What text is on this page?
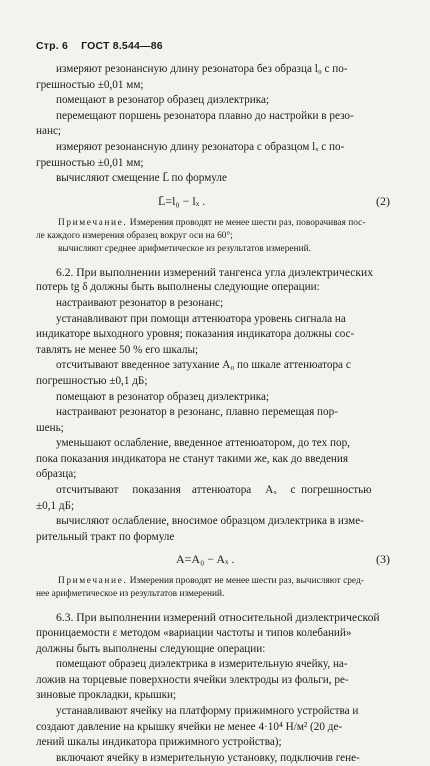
Стр. 6 ГОСТ 8.544—86

измеряют резонансную длину резонатора без образца l₀ с по-

грешностью ±0,01 мм;

помещают в резонатор образец диэлектрика;

перемещают поршень резонатора плавно до настройки в резо-

нанс;

измеряют резонансную длину резонатора с образцом lₓ с по-

грешностью ±0,01 мм;

вычисляют смещение L̄ по формуле

L̄=l₀ − lₓ .	(2)

Примечание. Измерения проводят не менее шести раз, поворачивая пос-

ле каждого измерения образец вокруг оси на 60°;

вычисляют среднее арифметическое из результатов измерений.

6.2. При выполнении измерений тангенса угла диэлектрических

потерь tg δ должны быть выполнены следующие операции:

настраивают резонатор в резонанс;

устанавливают при помощи аттенюатора уровень сигнала на

индикаторе выходного уровня; показания индикатора должны сос-

тавлять не менее 50 % его шкалы;

отсчитывают введенное затухание A₀ по шкале аттенюатора с

погрешностью ±0,1 дБ;

помещают в резонатор образец диэлектрика;

настраивают резонатор в резонанс, плавно перемещая пор-

шень;

уменьшают ослабление, введенное аттенюатором, до тех пор,

пока показания индикатора не станут такими же, как до введения

образца;

отсчитывают     показания    аттенюатора     Aₓ     с  погрешностью

±0,1 дБ;

вычисляют ослабление, вносимое образцом диэлектрика в изме-

рительный тракт по формуле

A=A₀ − Aₓ .	(3)

Примечание. Измерения проводят не менее шести раз, вычисляют сред-

нее арифметическое из результатов измерений.

6.3. При выполнении измерений относительной диэлектрической

проницаемости ε методом «вариации частоты и типов колебаний»

должны быть выполнены следующие операции:

помещают образец диэлектрика в измерительную ячейку, на-

ложив на торцевые поверхности ячейки электроды из фольги, ре-

зиновые прокладки, крышки;

устанавливают ячейку на платформу прижимного устройства и

создают давление на крышку ячейки не менее 4·10⁴ Н/м² (20 де-

лений шкалы индикатора прижимного устройства);

включают ячейку в измерительную установку, подключив гене-
